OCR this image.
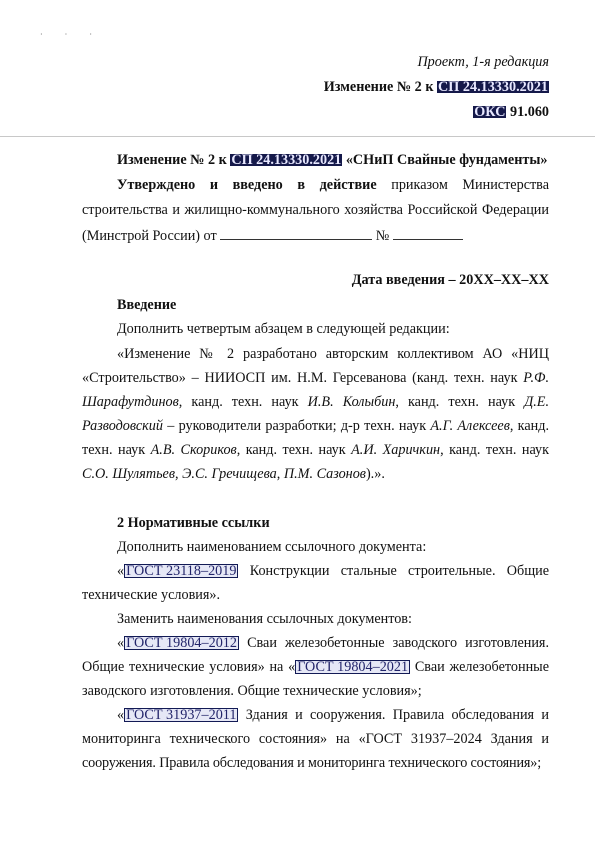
· · ·
Проект, 1-я редакция
Изменение № 2 к СП 24.13330.2021
ОКС 91.060
Изменение № 2 к СП 24.13330.2021 «СНиП Свайные фундаменты»
Утверждено и введено в действие приказом Министерства
строительства и жилищно-коммунального хозяйства Российской Федерации
(Минстрой России) от	№
Дата введения – 20ХХ–ХХ–ХХ
Введение
Дополнить четвертым абзацем в следующей редакции:
«Изменение № 2 разработано авторским коллективом АО «НИЦ
«Строительство» – НИИОСП им. Н.М. Герсеванова (канд. техн. наук Р.Ф.
Шарафутдинов, канд. техн. наук И.В. Колыбин, канд. техн. наук Д.Е.
Разводовский – руководители разработки; д-р техн. наук А.Г. Алексеев, канд.
техн. наук А.В. Скориков, канд. техн. наук А.И. Харичкин, канд. техн. наук
С.О. Шулятьев, Э.С. Гречищева, П.М. Сазонов).».
2 Нормативные ссылки
Дополнить наименованием ссылочного документа:
« ГОСТ 23118–2019 Конструкции стальные строительные. Общие
технические условия».
Заменить наименования ссылочных документов:
« ГОСТ 19804–2012 Сваи железобетонные заводского изготовления.
Общие технические условия» на « ГОСТ 19804–2021 Сваи железобетонные
заводского изготовления. Общие технические условия»;
« ГОСТ 31937–2011 Здания и сооружения. Правила обследования и
мониторинга технического состояния» на «ГОСТ 31937–2024 Здания и
сооружения. Правила обследования и мониторинга технического состояния»;
